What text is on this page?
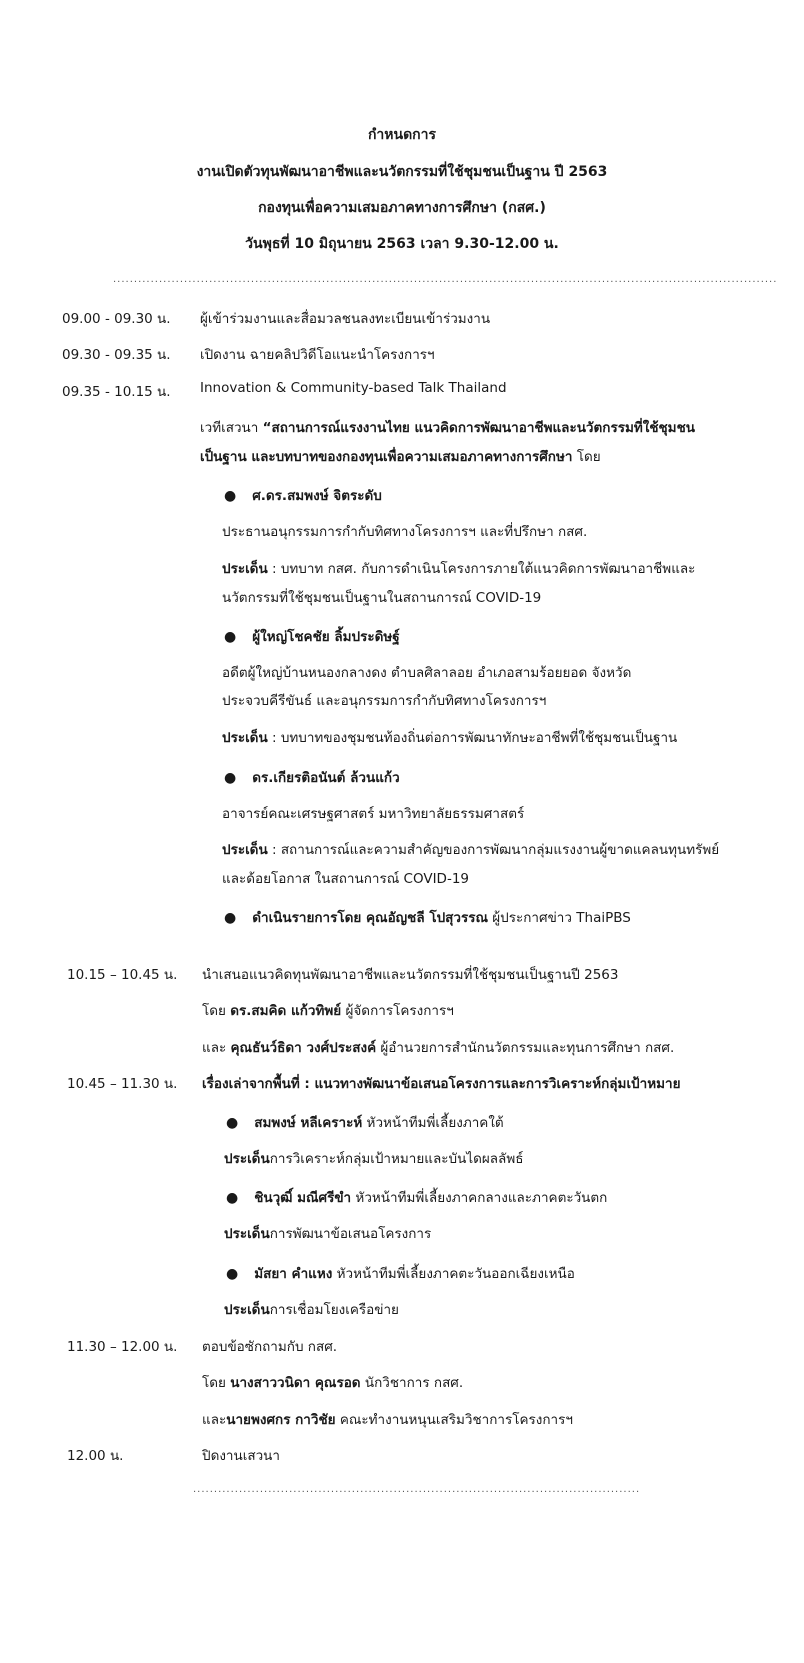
กำหนดการ
งานเปิดตัวทุนพัฒนาอาชีพและนวัตกรรมที่ใช้ชุมชนเป็นฐาน ปี 2563
กองทุนเพื่อความเสมอภาคทางการศึกษา (กสศ.)
วันพุธที่ 10 มิถุนายน 2563 เวลา 9.30-12.00 น.
...............................................................................................................................................................
09.00 - 09.30 น.	ผู้เข้าร่วมงานและสื่อมวลชนลงทะเบียนเข้าร่วมงาน
09.30 - 09.35 น.	เปิดงาน ฉายคลิปวิดีโอแนะนำโครงการฯ
09.35 - 10.15 น.	Innovation & Community-based Talk Thailand
เวทีเสวนา “สถานการณ์แรงงานไทย แนวคิดการพัฒนาอาชีพและนวัตกรรมที่ใช้ชุมชน
เป็นฐาน และบทบาทของกองทุนเพื่อความเสมอภาคทางการศึกษา โดย
● ศ.ดร.สมพงษ์ จิตระดับ
ประธานอนุกรรมการกำกับทิศทางโครงการฯ และที่ปรึกษา กสศ.
ประเด็น : บทบาท กสศ. กับการดำเนินโครงการภายใต้แนวคิดการพัฒนาอาชีพและ
นวัตกรรมที่ใช้ชุมชนเป็นฐานในสถานการณ์ COVID-19
● ผู้ใหญ่โชคชัย ลิ้มประดิษฐ์
อดีตผู้ใหญ่บ้านหนองกลางดง ตำบลศิลาลอย อำเภอสามร้อยยอด จังหวัด
ประจวบคีรีขันธ์ และอนุกรรมการกำกับทิศทางโครงการฯ
ประเด็น : บทบาทของชุมชนท้องถิ่นต่อการพัฒนาทักษะอาชีพที่ใช้ชุมชนเป็นฐาน
● ดร.เกียรติอนันต์ ล้วนแก้ว
อาจารย์คณะเศรษฐศาสตร์ มหาวิทยาลัยธรรมศาสตร์
ประเด็น : สถานการณ์และความสำคัญของการพัฒนากลุ่มแรงงานผู้ขาดแคลนทุนทรัพย์
และด้อยโอกาส ในสถานการณ์ COVID-19
● ดำเนินรายการโดย คุณอัญชลี โปสุวรรณ ผู้ประกาศข่าว ThaiPBS
10.15 – 10.45 น.	นำเสนอแนวคิดทุนพัฒนาอาชีพและนวัตกรรมที่ใช้ชุมชนเป็นฐานปี 2563
โดย ดร.สมคิด แก้วทิพย์ ผู้จัดการโครงการฯ
และ คุณธันว์ธิดา วงศ์ประสงค์ ผู้อำนวยการสำนักนวัตกรรมและทุนการศึกษา กสศ.
10.45 – 11.30 น.	เรื่องเล่าจากพื้นที่ : แนวทางพัฒนาข้อเสนอโครงการและการวิเคราะห์กลุ่มเป้าหมาย
● สมพงษ์ หลีเคราะห์ หัวหน้าทีมพี่เลี้ยงภาคใต้
ประเด็นการวิเคราะห์กลุ่มเป้าหมายและบันไดผลลัพธ์
● ชินวุฒิ์ มณีศรีขำ หัวหน้าทีมพี่เลี้ยงภาคกลางและภาคตะวันตก
ประเด็นการพัฒนาข้อเสนอโครงการ
● มัสยา คำแหง หัวหน้าทีมพี่เลี้ยงภาคตะวันออกเฉียงเหนือ
ประเด็นการเชื่อมโยงเครือข่าย
11.30 – 12.00 น.	ตอบข้อซักถามกับ กสศ.
โดย นางสาววนิดา คุณรอด นักวิชาการ กสศ.
และนายพงศกร กาวิชัย คณะทำงานหนุนเสริมวิชาการโครงการฯ
12.00 น.	ปิดงานเสวนา
...........................................................................................................
